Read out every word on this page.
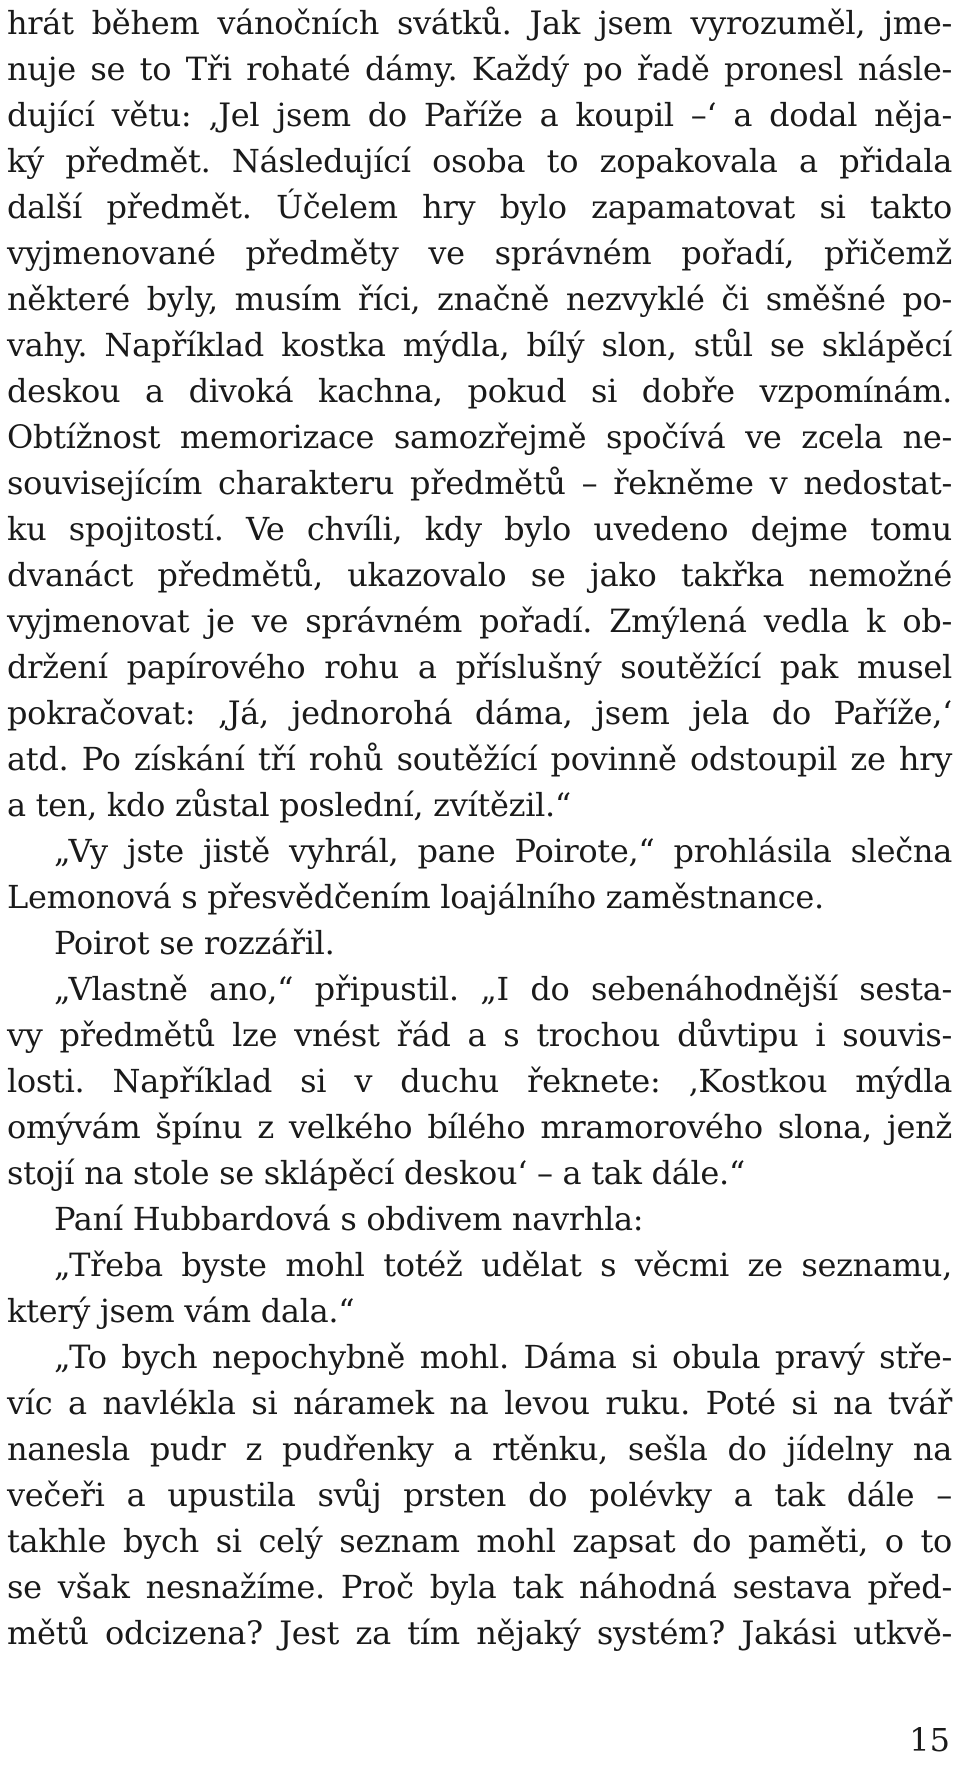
hrát během vánočních svátků. Jak jsem vyrozuměl, jme-
nuje se to Tři rohaté dámy. Každý po řadě pronesl násle-
dující větu: ‚Jel jsem do Paříže a koupil –‘ a dodal něja-
ký předmět. Následující osoba to zopakovala a přidala
další předmět. Účelem hry bylo zapamatovat si takto
vyjmenované předměty ve správném pořadí, přičemž
některé byly, musím říci, značně nezvyklé či směšné po-
vahy. Například kostka mýdla, bílý slon, stůl se sklápěcí
deskou a divoká kachna, pokud si dobře vzpomínám.
Obtížnost memorizace samozřejmě spočívá ve zcela ne-
souvisejícím charakteru předmětů – řekněme v nedostat-
ku spojitostí. Ve chvíli, kdy bylo uvedeno dejme tomu
dvanáct předmětů, ukazovalo se jako takřka nemožné
vyjmenovat je ve správném pořadí. Zmýlená vedla k ob-
držení papírového rohu a příslušný soutěžící pak musel
pokračovat: ‚Já, jednorohá dáma, jsem jela do Paříže,‘
atd. Po získání tří rohů soutěžící povinně odstoupil ze hry
a ten, kdo zůstal poslední, zvítězil.“
„Vy jste jistě vyhrál, pane Poirote,“ prohlásila slečna
Lemonová s přesvědčením loajálního zaměstnance.
Poirot se rozzářil.
„Vlastně ano,“ připustil. „I do sebenáhodnější sesta-
vy předmětů lze vnést řád a s trochou důvtipu i souvis-
losti. Například si v duchu řeknete: ‚Kostkou mýdla
omývám špínu z velkého bílého mramorového slona, jenž
stojí na stole se sklápěcí deskou‘ – a tak dále.“
Paní Hubbardová s obdivem navrhla:
„Třeba byste mohl totéž udělat s věcmi ze seznamu,
který jsem vám dala.“
„To bych nepochybně mohl. Dáma si obula pravý stře-
víc a navlékla si náramek na levou ruku. Poté si na tvář
nanesla pudr z pudřenky a rtěnku, sešla do jídelny na
večeři a upustila svůj prsten do polévky a tak dále –
takhle bych si celý seznam mohl zapsat do paměti, o to
se však nesnažíme. Proč byla tak náhodná sestava před-
mětů odcizena? Jest za tím nějaký systém? Jakási utkvě-
15
